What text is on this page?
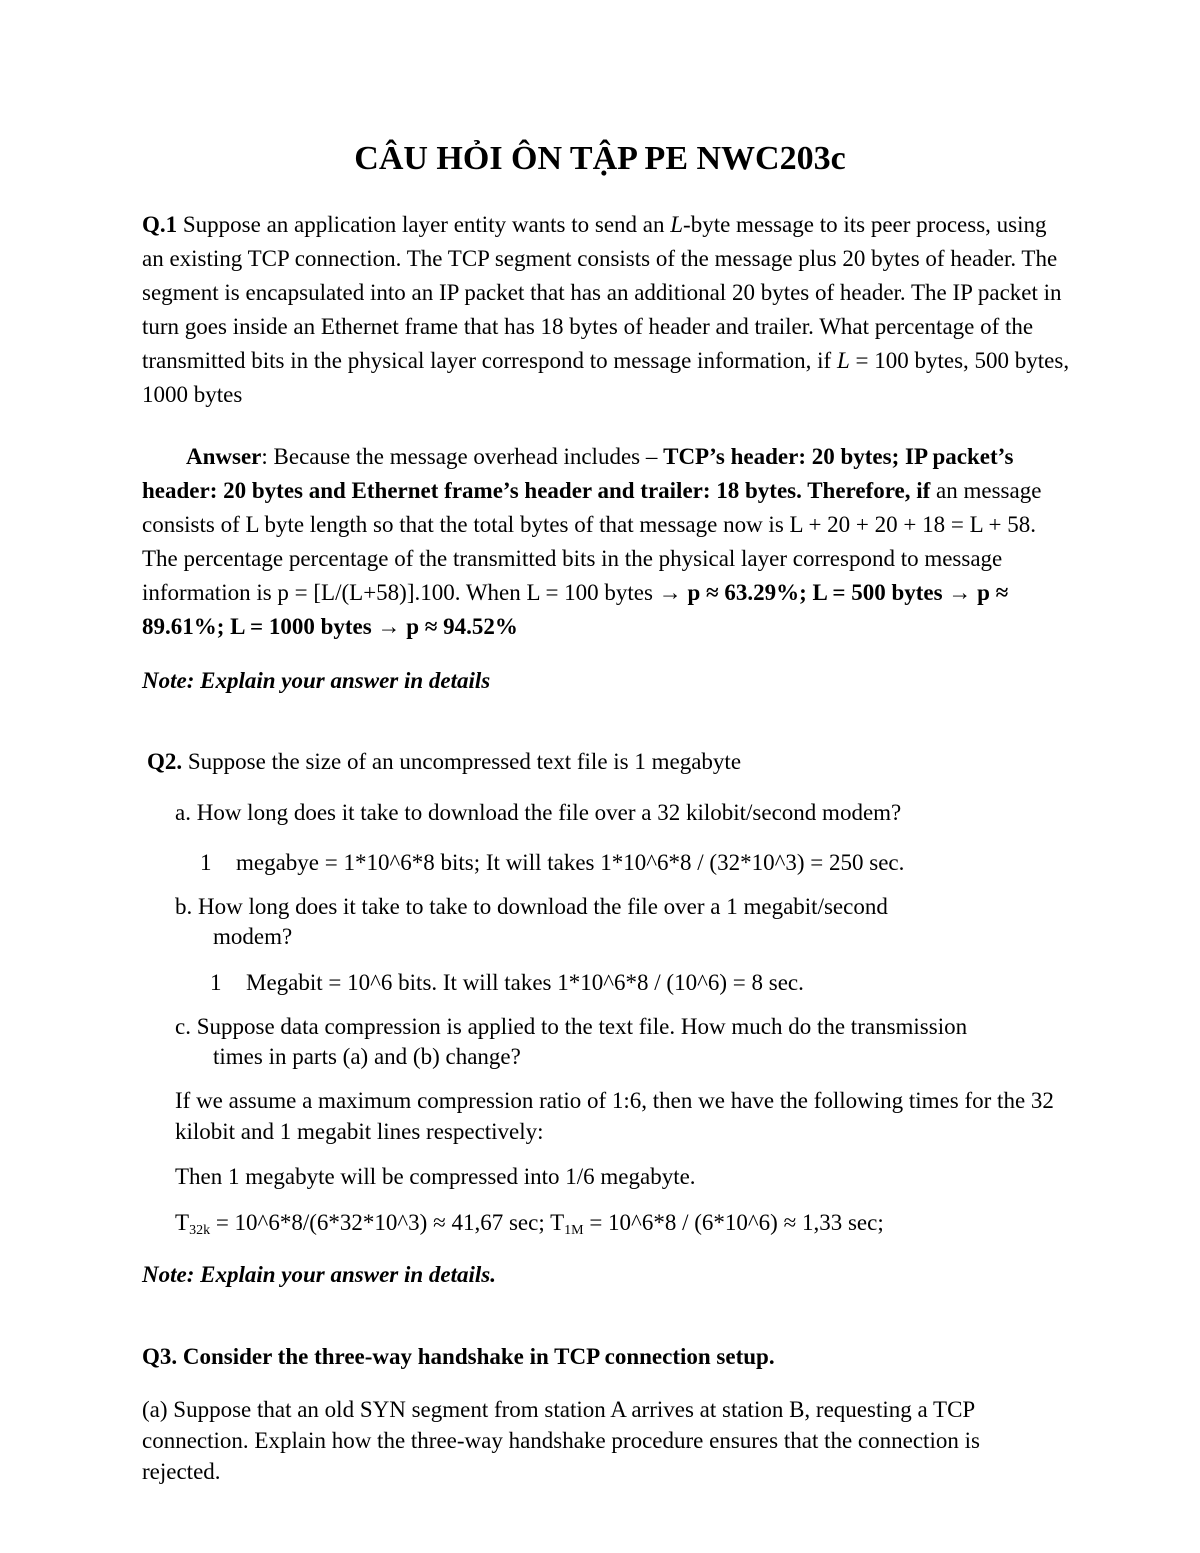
CÂU HỎI ÔN TẬP PE NWC203c

Q.1 Suppose an application layer entity wants to send an L-byte message to its peer process, using an existing TCP connection. The TCP segment consists of the message plus 20 bytes of header. The segment is encapsulated into an IP packet that has an additional 20 bytes of header. The IP packet in turn goes inside an Ethernet frame that has 18 bytes of header and trailer. What percentage of the transmitted bits in the physical layer correspond to message information, if L = 100 bytes, 500 bytes, 1000 bytes

Anwser: Because the message overhead includes – TCP’s header: 20 bytes; IP packet’s header: 20 bytes and Ethernet frame’s header and trailer: 18 bytes. Therefore, if an message consists of L byte length so that the total bytes of that message now is L + 20 + 20 + 18 = L + 58. The percentage percentage of the transmitted bits in the physical layer correspond to message information is p = [L/(L+58)].100. When L = 100 bytes → p ≈ 63.29%; L = 500 bytes → p ≈ 89.61%; L = 1000 bytes → p ≈ 94.52%

Note: Explain your answer in details

Q2. Suppose the size of an uncompressed text file is 1 megabyte

a. How long does it take to download the file over a 32 kilobit/second modem?

1 megabye = 1*10^6*8 bits; It will takes 1*10^6*8 / (32*10^3) = 250 sec.

b. How long does it take to take to download the file over a 1 megabit/second
modem?

1 Megabit = 10^6 bits. It will takes 1*10^6*8 / (10^6) = 8 sec.

c. Suppose data compression is applied to the text file. How much do the transmission
times in parts (a) and (b) change?

If we assume a maximum compression ratio of 1:6, then we have the following times for the 32 kilobit and 1 megabit lines respectively:

Then 1 megabyte will be compressed into 1/6 megabyte.

$T_{32k}$ = 10^6*8/(6*32*10^3) ≈ 41,67 sec; $T_{1M}$ = 10^6*8 / (6*10^6) ≈ 1,33 sec;

Note: Explain your answer in details.

Q3. Consider the three-way handshake in TCP connection setup.

(a) Suppose that an old SYN segment from station A arrives at station B, requesting a TCP connection. Explain how the three-way handshake procedure ensures that the connection is rejected.
